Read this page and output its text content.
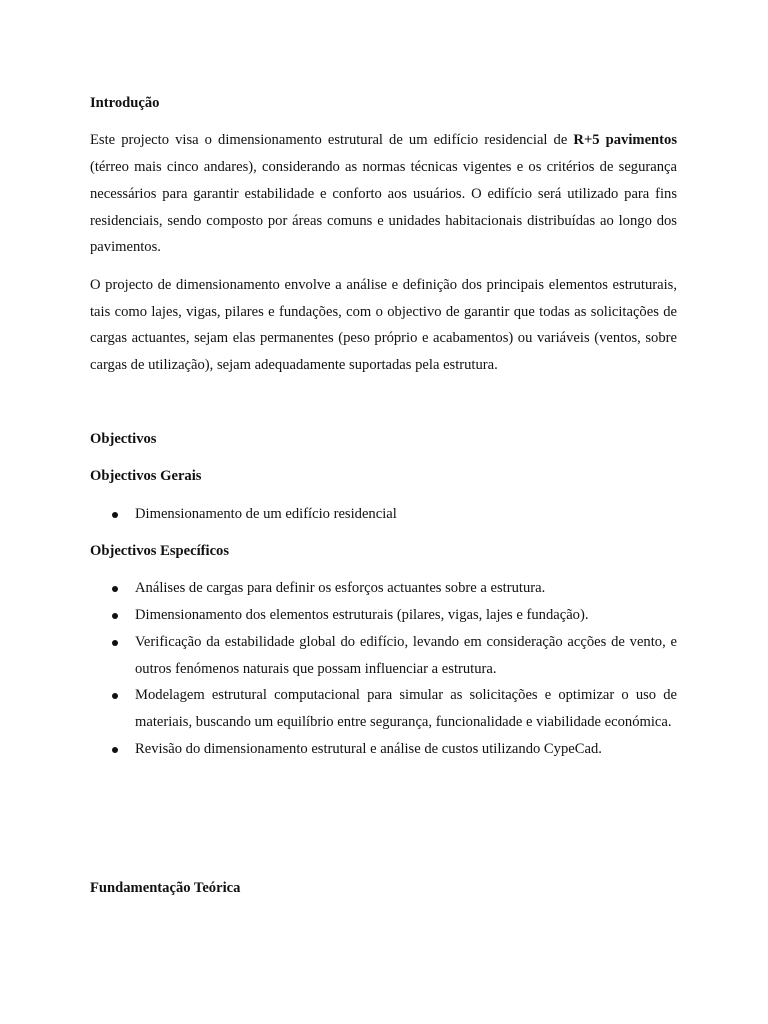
Introdução

Este projecto visa o dimensionamento estrutural de um edifício residencial de R+5 pavimentos (térreo mais cinco andares), considerando as normas técnicas vigentes e os critérios de segurança necessários para garantir estabilidade e conforto aos usuários. O edifício será utilizado para fins residenciais, sendo composto por áreas comuns e unidades habitacionais distribuídas ao longo dos pavimentos.

O projecto de dimensionamento envolve a análise e definição dos principais elementos estruturais, tais como lajes, vigas, pilares e fundações, com o objectivo de garantir que todas as solicitações de cargas actuantes, sejam elas permanentes (peso próprio e acabamentos) ou variáveis (ventos, sobre cargas de utilização), sejam adequadamente suportadas pela estrutura.

Objectivos

Objectivos Gerais

Dimensionamento de um edifício residencial

Objectivos Específicos

Análises de cargas para definir os esforços actuantes sobre a estrutura.
Dimensionamento dos elementos estruturais (pilares, vigas, lajes e fundação).
Verificação da estabilidade global do edifício, levando em consideração acções de vento, e outros fenómenos naturais que possam influenciar a estrutura.
Modelagem estrutural computacional para simular as solicitações e optimizar o uso de materiais, buscando um equilíbrio entre segurança, funcionalidade e viabilidade económica.
Revisão do dimensionamento estrutural e análise de custos utilizando CypeCad.

Fundamentação Teórica
